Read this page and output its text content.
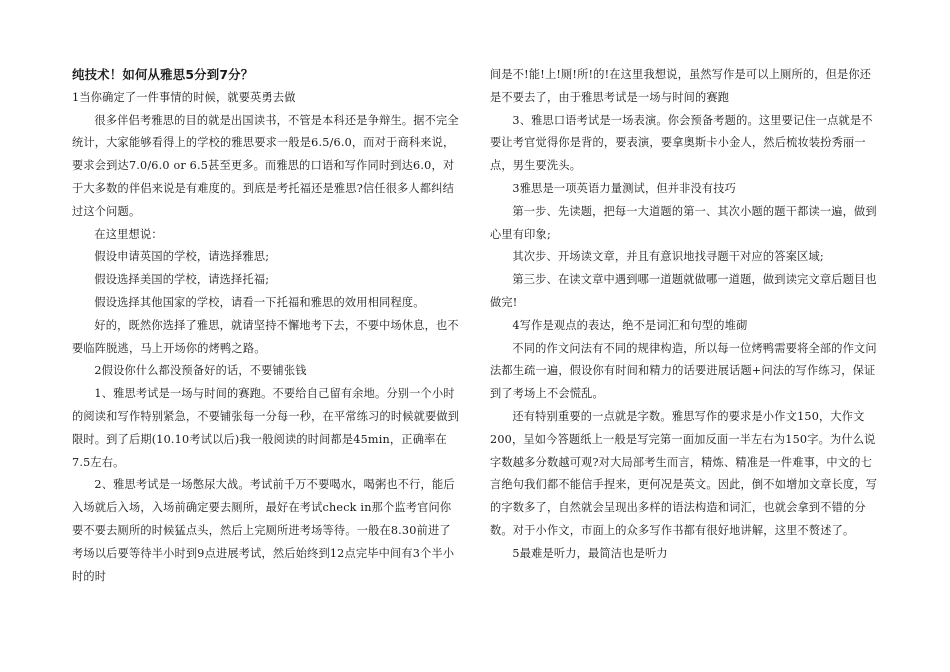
纯技术！如何从雅思5分到7分？

1当你确定了一件事情的时候，就要英勇去做

很多伴侣考雅思的目的就是出国读书，不管是本科还是争辩生。据不完全统计，大家能够看得上的学校的雅思要求一般是6.5/6.0，而对于商科来说，要求会到达7.0/6.0 or 6.5甚至更多。而雅思的口语和写作同时到达6.0，对于大多数的伴侣来说是有难度的。到底是考托福还是雅思?信任很多人都纠结过这个问题。

在这里想说：

假设申请英国的学校，请选择雅思;

假设选择美国的学校，请选择托福;

假设选择其他国家的学校，请看一下托福和雅思的效用相同程度。

好的，既然你选择了雅思，就请坚持不懈地考下去，不要中场休息，也不要临阵脱逃，马上开场你的烤鸭之路。

2假设你什么都没预备好的话，不要铺张钱

1、雅思考试是一场与时间的赛跑。不要给自己留有余地。分别一个小时的阅读和写作特别紧急，不要铺张每一分每一秒，在平常练习的时候就要做到限时。到了后期(10.10考试以后)我一般阅读的时间都是45min，正确率在7.5左右。

2、雅思考试是一场憋尿大战。考试前千万不要喝水，喝粥也不行，能后入场就后入场，入场前确定要去厕所，最好在考试check in那个监考官问你要不要去厕所的时候猛点头，然后上完厕所进考场等待。一般在8.30前进了考场以后要等待半小时到9点进展考试，然后始终到12点完毕中间有3个半小时的时

间是不!能!上!厕!所!的!在这里我想说，虽然写作是可以上厕所的，但是你还是不要去了，由于雅思考试是一场与时间的赛跑

3、雅思口语考试是一场表演。你会预备考题的。这里要记住一点就是不要让考官觉得你是背的，要表演，要拿奥斯卡小金人，然后梳妆装扮秀丽一点，男生要洗头。

3雅思是一项英语力量测试，但并非没有技巧

第一步、先读题，把每一大道题的第一、其次小题的题干都读一遍，做到心里有印象;

其次步、开场读文章，并且有意识地找寻题干对应的答案区域;

第三步、在读文章中遇到哪一道题就做哪一道题，做到读完文章后题目也做完!

4写作是观点的表达，绝不是词汇和句型的堆砌

不同的作文问法有不同的规律构造，所以每一位烤鸭需要将全部的作文问法都生疏一遍，假设你有时间和精力的话要进展话题+问法的写作练习，保证到了考场上不会慌乱。

还有特别重要的一点就是字数。雅思写作的要求是小作文150，大作文200，呈如今答题纸上一般是写完第一面加反面一半左右为150字。为什么说字数越多分数越可观?对大局部考生而言，精炼、精准是一件难事，中文的七言绝句我们都不能信手捏来，更何况是英文。因此，倒不如增加文章长度，写的字数多了，自然就会呈现出多样的语法构造和词汇，也就会拿到不错的分数。对于小作文，市面上的众多写作书都有很好地讲解，这里不赘述了。

5最难是听力，最简洁也是听力
